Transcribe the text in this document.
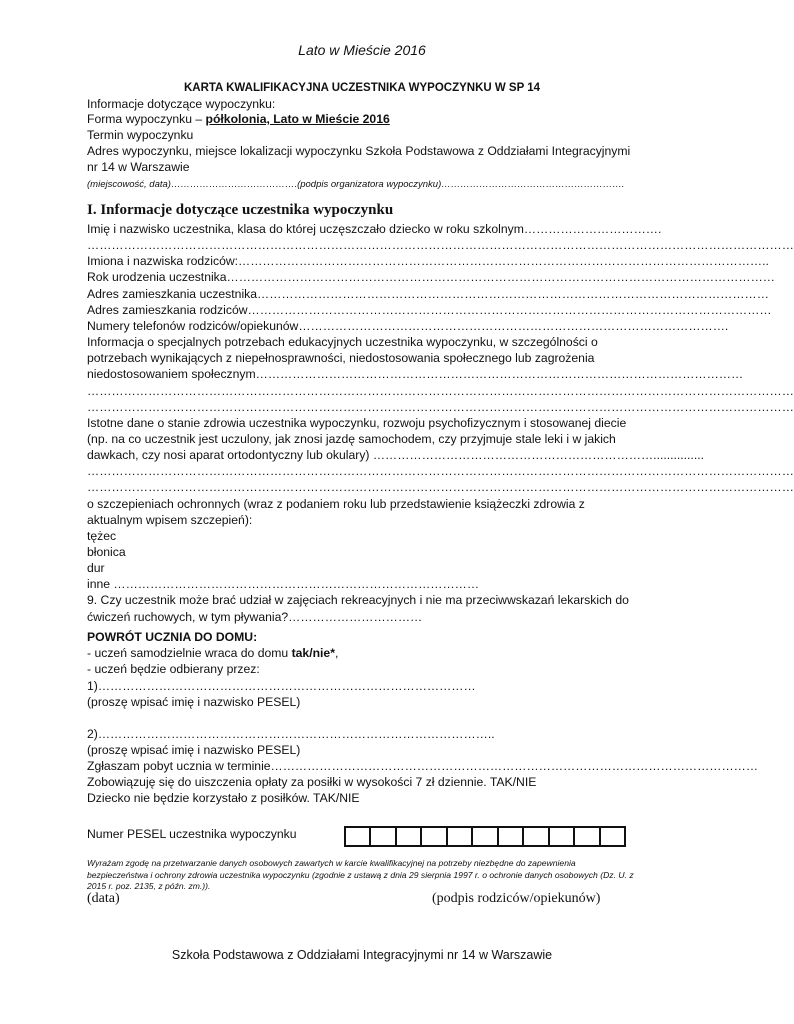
Lato w Mieście 2016
KARTA KWALIFIKACYJNA UCZESTNIKA WYPOCZYNKU W SP 14
Informacje dotyczące wypoczynku:
Forma wypoczynku – półkolonia, Lato w Mieście 2016
Termin wypoczynku
Adres wypoczynku, miejsce lokalizacji wypoczynku Szkoła Podstawowa z Oddziałami Integracyjnymi
nr 14 w Warszawie
(miejscowość, data)………………………………….(podpis organizatora wypoczynku)………………………………………………….
I. Informacje dotyczące uczestnika wypoczynku
Imię i nazwisko uczestnika, klasa do której uczęszczało dziecko w roku szkolnym…………………………….
…………………………………………………………………………………………………………………………………………………………
Imiona i nazwiska rodziców:…………………………………………………………………………………………………………………..
Rok urodzenia uczestnika………………………………………………………………………………………………………………………
Adres zamieszkania uczestnika………………………………………………………………………………………………………………
Adres zamieszkania rodziców…………………………………………………………………………………………………………………
Numery telefonów rodziców/opiekunów…………………………………………………………………………………………….
Informacja o specjalnych potrzebach edukacyjnych uczestnika wypoczynku, w szczególności o
potrzebach wynikających z niepełnosprawności, niedostosowania społecznego lub zagrożenia
niedostosowaniem społecznym…………………………………………………………………………………………………………
…………………………………………………………………………………………………………………………………………………………
…………………………………………………………………………………………………………………………………………………………
Istotne dane o stanie zdrowia uczestnika wypoczynku, rozwoju psychofizycznym i stosowanej diecie
(np. na co uczestnik jest uczulony, jak znosi jazdę samochodem, czy przyjmuje stale leki i w jakich
dawkach, czy nosi aparat ortodontyczny lub okulary) ……………………………………………………………...............
…………………………………………………………………………………………………………………………………………………………
…………………………………………………………………………………………………………………………………………………………
o szczepieniach ochronnych (wraz z podaniem roku lub przedstawienie książeczki zdrowia z
aktualnym wpisem szczepień):
tężec
błonica
dur
inne ………………………………………………………………………………
9. Czy uczestnik może brać udział w zajęciach rekreacyjnych i nie ma przeciwwskazań lekarskich do
ćwiczeń ruchowych, w tym pływania?……………………………
POWRÓT UCZNIA DO DOMU:
- uczeń samodzielnie wraca do domu tak/nie*,
- uczeń będzie odbierany przez:
1)…………………………………………………………………………………
(proszę wpisać imię i nazwisko PESEL)
2)……………………………………………………………………………………..
(proszę wpisać imię i nazwisko PESEL)
Zgłaszam pobyt ucznia w terminie…………………………………………………………………………………………………………
Zobowiązuję się do uiszczenia opłaty za posiłki w wysokości 7 zł dziennie. TAK/NIE
Dziecko nie będzie korzystało z posiłków. TAK/NIE
Numer PESEL uczestnika wypoczynku
Wyrażam zgodę na przetwarzanie danych osobowych zawartych w karcie kwalifikacyjnej na potrzeby niezbędne do zapewnienia bezpieczeństwa i ochrony zdrowia uczestnika wypoczynku (zgodnie z ustawą z dnia 29 sierpnia 1997 r. o ochronie danych osobowych (Dz. U. z 2015 r. poz. 2135, z późn. zm.)).
(data)	(podpis rodziców/opiekunów)
Szkoła Podstawowa z Oddziałami Integracyjnymi nr 14 w Warszawie
